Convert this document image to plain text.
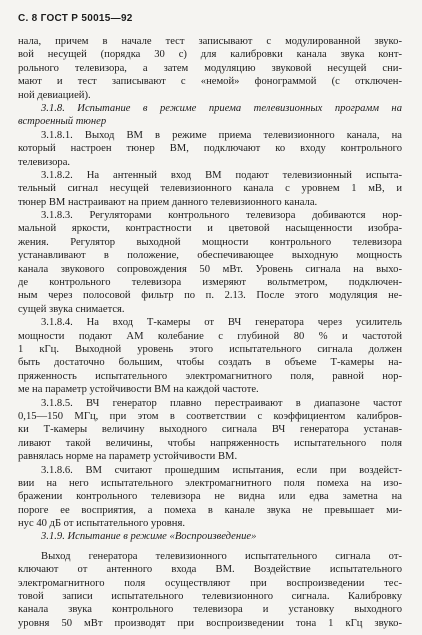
С. 8 ГОСТ Р 50015—92
нала, причем в начале тест записывают с модулированной звуко-
вой несущей (порядка 30 с) для калибровки канала звука конт-
рольного телевизора, а затем модуляцию звуковой несущей сни-
мают и тест записывают с «немой» фонограммой (с отключен-
ной девиацией).
3.1.8. Испытание в режиме приема телевизионных программ на
встроенный тюнер
3.1.8.1. Выход ВМ в режиме приема телевизионного канала, на
который настроен тюнер ВМ, подключают ко входу контрольного
телевизора.
3.1.8.2. На антенный вход ВМ подают телевизионный испыта-
тельный сигнал несущей телевизионного канала с уровнем 1 мВ, и
тюнер ВМ настраивают на прием данного телевизионного канала.
3.1.8.3. Регуляторами контрольного телевизора добиваются нор-
мальной яркости, контрастности и цветовой насыщенности изобра-
жения. Регулятор выходной мощности контрольного телевизора
устанавливают в положение, обеспечивающее выходную мощность
канала звукового сопровождения 50 мВт. Уровень сигнала на выхо-
де контрольного телевизора измеряют вольтметром, подключен-
ным через полосовой фильтр по п. 2.13. После этого модуляция не-
сущей звука снимается.
3.1.8.4. На вход Т-камеры от ВЧ генератора через усилитель
мощности подают АМ колебание с глубиной 80 % и частотой
1 кГц. Выходной уровень этого испытательного сигнала должен
быть достаточно большим, чтобы создать в объеме Т-камеры на-
пряженность испытательного электромагнитного поля, равной нор-
ме на параметр устойчивости ВМ на каждой частоте.
3.1.8.5. ВЧ генератор плавно перестраивают в диапазоне частот
0,15—150 МГц, при этом в соответствии с коэффициентом калибров-
ки Т-камеры величину выходного сигнала ВЧ генератора устанав-
ливают такой величины, чтобы напряженность испытательного поля
равнялась норме на параметр устойчивости ВМ.
3.1.8.6. ВМ считают прошедшим испытания, если при воздейст-
вии на него испытательного электромагнитного поля помеха на изо-
бражении контрольного телевизора не видна или едва заметна на
пороге ее восприятия, а помеха в канале звука не превышает ми-
нус 40 дБ от испытательного уровня.
3.1.9. Испытание в режиме «Воспроизведение»
Выход генератора телевизионного испытательного сигнала от-
ключают от антенного входа ВМ. Воздействие испытательного
электромагнитного поля осуществляют при воспроизведении тес-
товой записи испытательного телевизионного сигнала. Калибровку
канала звука контрольного телевизора и установку выходного
уровня 50 мВт производят при воспроизведении тона 1 кГц звуко-
